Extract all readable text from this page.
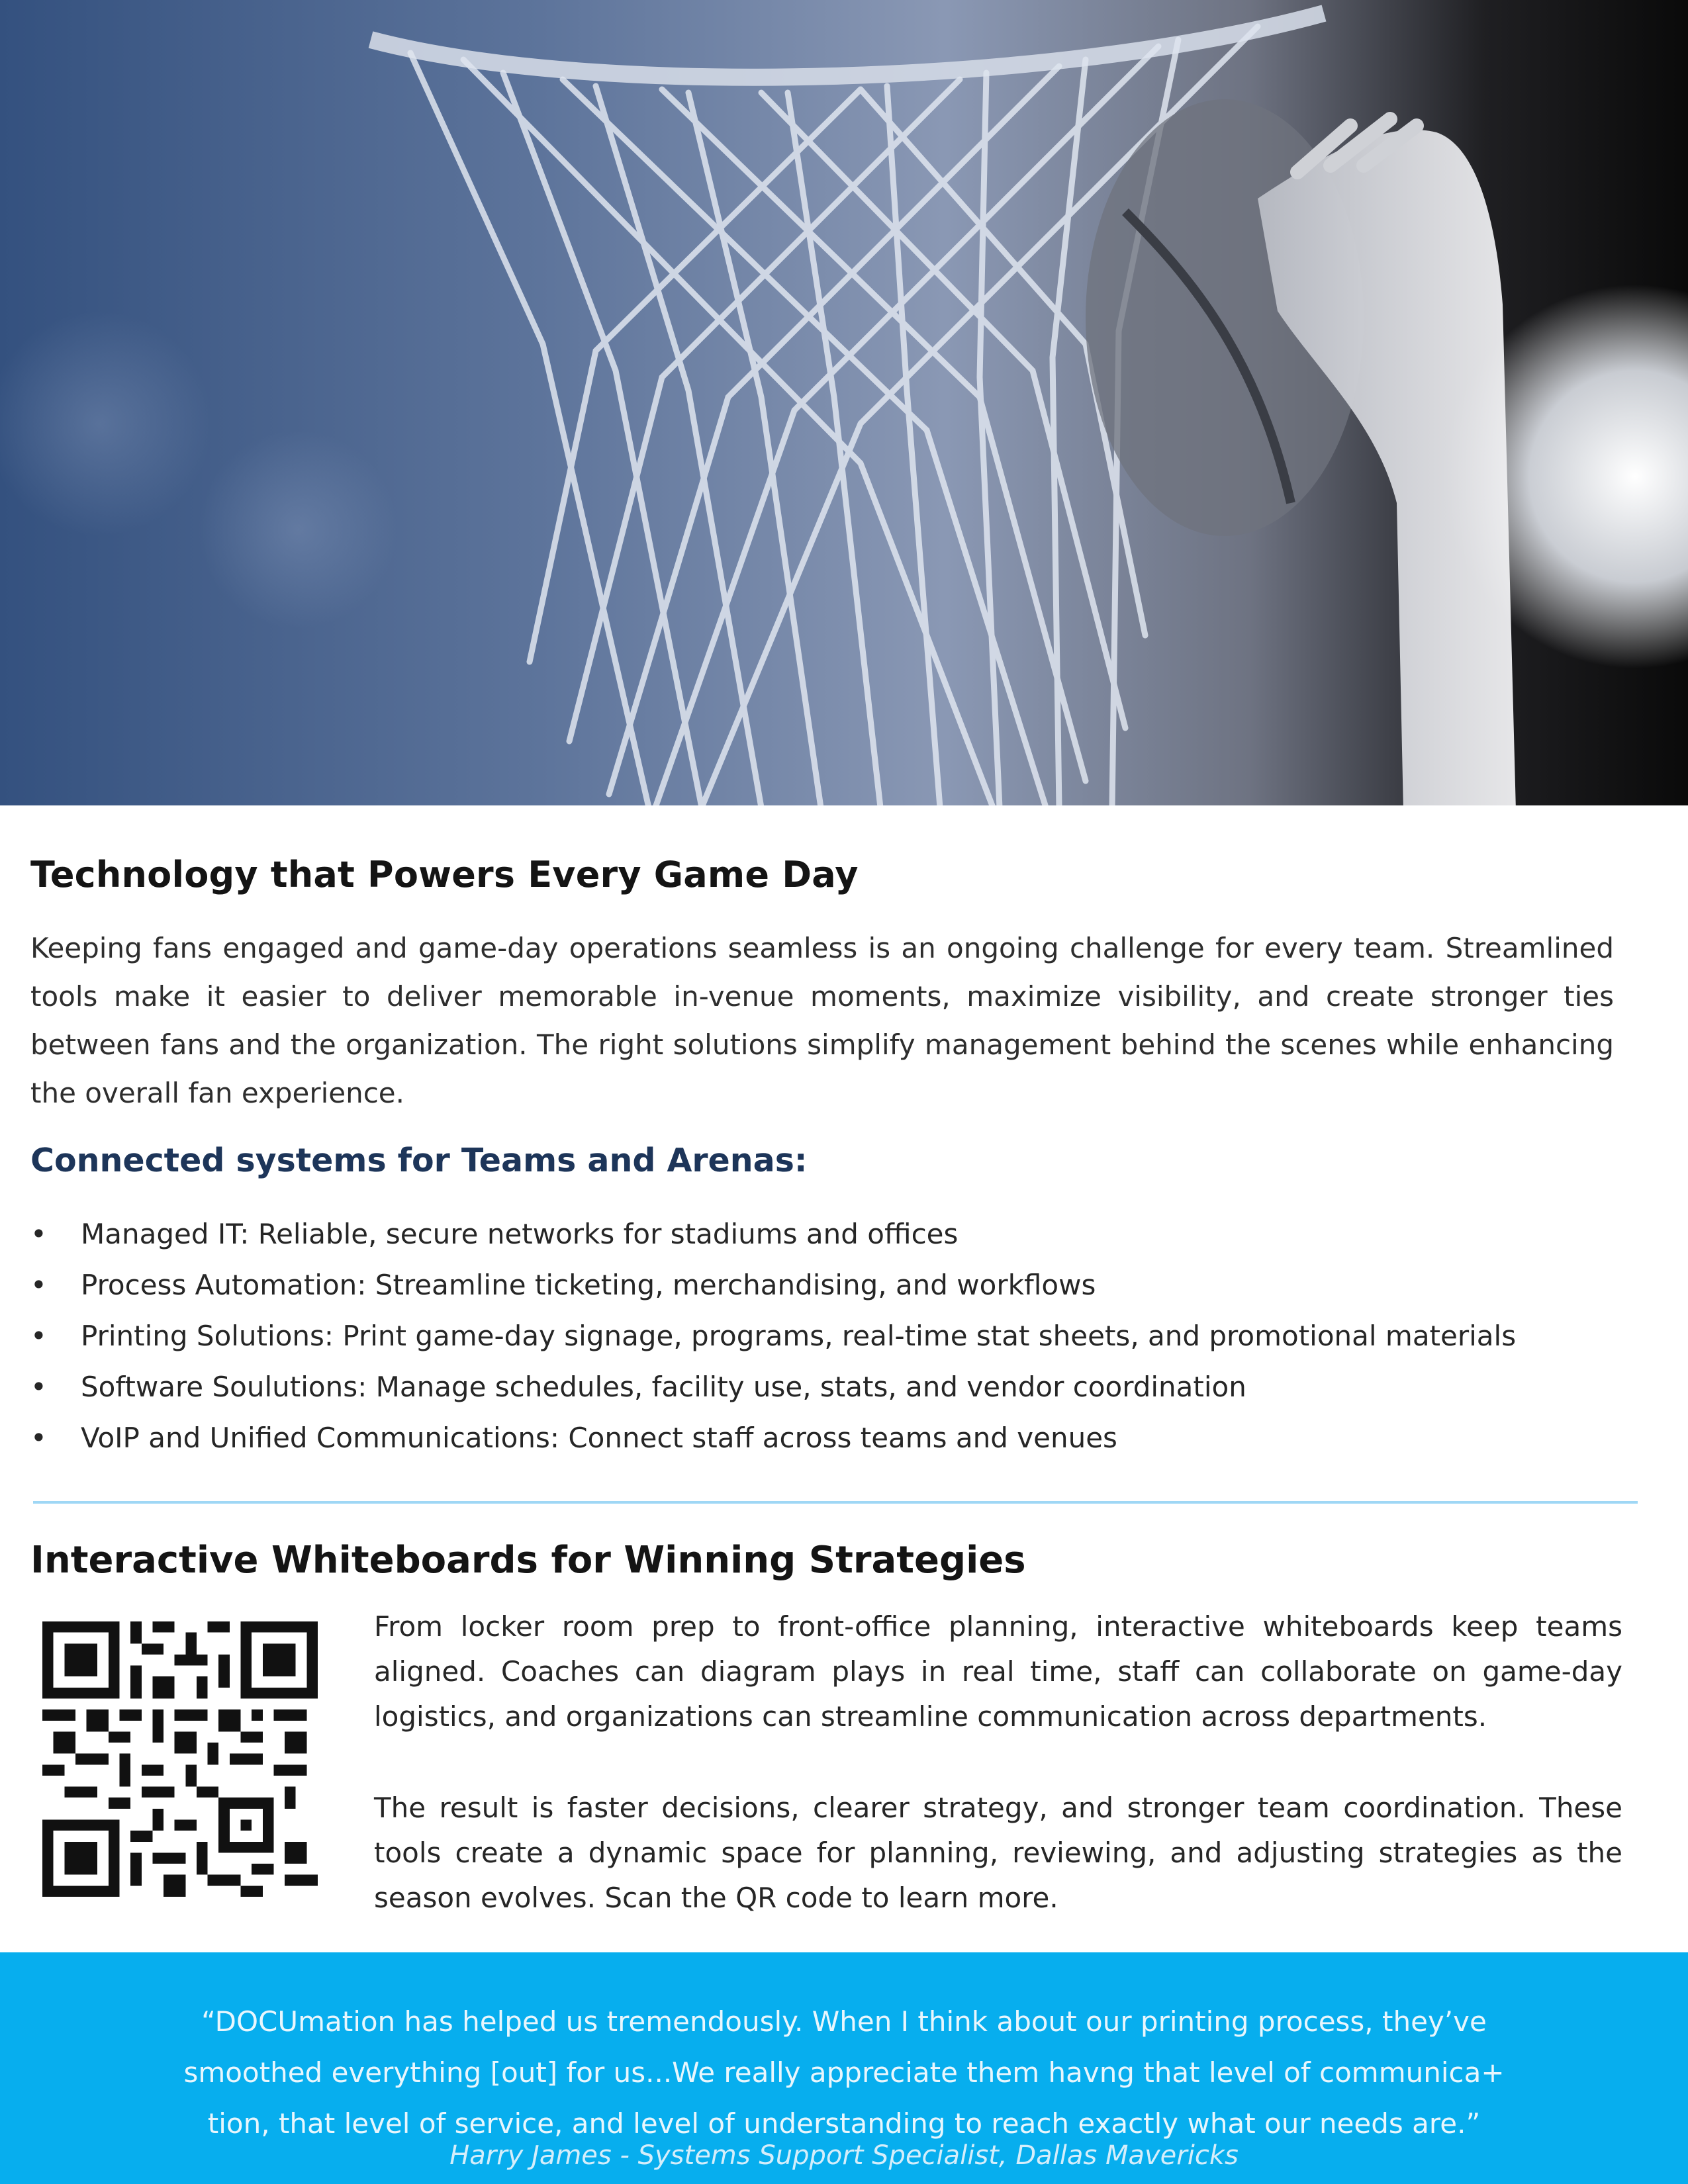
Technology that Powers Every Game Day

Keeping fans engaged and game-day operations seamless is an ongoing challenge for every team. Streamlined tools make it easier to deliver memorable in-venue moments, maximize visibility, and create stronger ties between fans and the organization. The right solutions simplify management behind the scenes while enhancing the overall fan experience.

Connected systems for Teams and Arenas:
• Managed IT: Reliable, secure networks for stadiums and offices
• Process Automation: Streamline ticketing, merchandising, and workflows
• Printing Solutions: Print game-day signage, programs, real-time stat sheets, and promotional materials
• Software Soulutions: Manage schedules, facility use, stats, and vendor coordination
• VoIP and Unified Communications: Connect staff across teams and venues
Interactive Whiteboards for Winning Strategies

From locker room prep to front-office planning, interactive whiteboards keep teams aligned. Coaches can diagram plays in real time, staff can collaborate on game-day logistics, and organizations can streamline communication across departments.

The result is faster decisions, clearer strategy, and stronger team coordination. These tools create a dynamic space for planning, reviewing, and adjusting strategies as the season evolves. Scan the QR code to learn more.

“DOCUmation has helped us tremendously. When I think about our printing process, they’ve
smoothed everything [out] for us...We really appreciate them havng that level of communica+
tion, that level of service, and level of understanding to reach exactly what our needs are.”

Harry James - Systems Support Specialist, Dallas Mavericks
